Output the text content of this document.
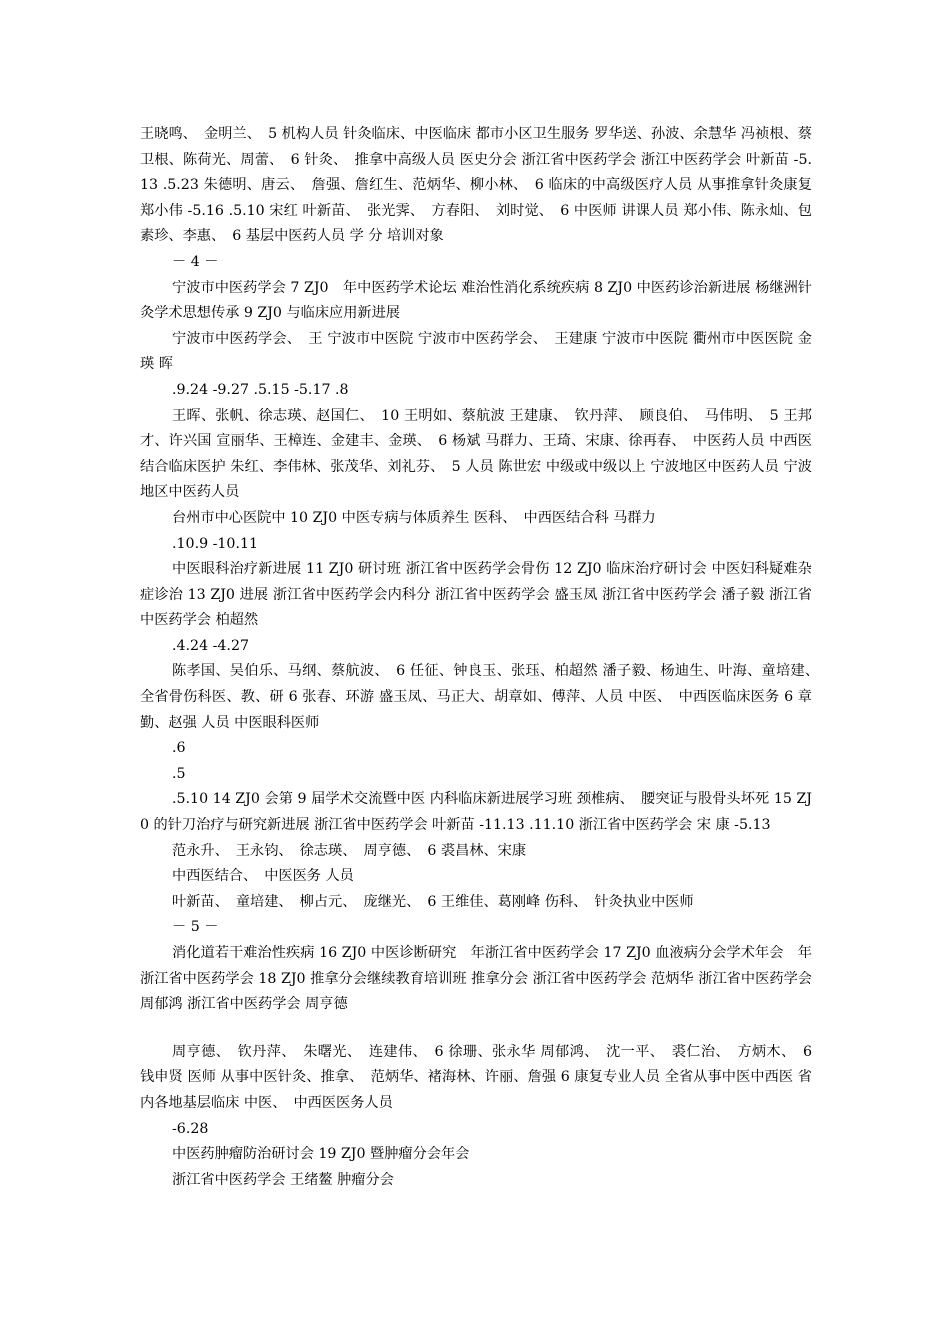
王晓鸣、　金明兰、　5 机构人员 针灸临床、中医临床 都市小区卫生服务 罗华送、孙波、余慧华 冯祯根、蔡卫根、陈荷光、周蕾、　6 针灸、　推拿中高级人员 医史分会 浙江省中医药学会 浙江中医药学会 叶新苗 -5.13 .5.23 朱德明、唐云、　詹强、詹红生、范炳华、柳小林、　6 临床的中高级医疗人员 从事推拿针灸康复 郑小伟 -5.16 .5.10 宋红 叶新苗、　张光霁、　方春阳、　刘时觉、　6 中医师 讲课人员 郑小伟、陈永灿、包素珍、李惠、　6 基层中医药人员 学 分 培训对象

－ 4 －

宁波市中医药学会 7 ZJ0　年中医药学术论坛 难治性消化系统疾病 8 ZJ0 中医药诊治新进展 杨继洲针灸学术思想传承 9 ZJ0 与临床应用新进展

宁波市中医药学会、　王 宁波市中医院 宁波市中医药学会、　王建康 宁波市中医院 衢州市中医医院 金 瑛 晖

.9.24 -9.27 .5.15 -5.17 .8

王晖、张帆、徐志瑛、赵国仁、　10 王明如、蔡航波 王建康、　钦丹萍、　顾良伯、　马伟明、　5 王邦才、许兴国 宣丽华、王樟连、金建丰、金瑛、　6 杨斌 马群力、王琦、宋康、徐再春、　中医药人员 中西医结合临床医护 朱红、李伟林、张茂华、刘礼芬、　5 人员 陈世宏 中级或中级以上 宁波地区中医药人员 宁波地区中医药人员

台州市中心医院中 10 ZJ0 中医专病与体质养生 医科、　中西医结合科 马群力

.10.9 -10.11

中医眼科治疗新进展 11 ZJ0 研讨班 浙江省中医药学会骨伤 12 ZJ0 临床治疗研讨会 中医妇科疑难杂症诊治 13 ZJ0 进展 浙江省中医药学会内科分 浙江省中医药学会 盛玉凤 浙江省中医药学会 潘子毅 浙江省中医药学会 柏超然

.4.24 -4.27

陈孝国、吴伯乐、马纲、蔡航波、　6 任征、钟良玉、张珏、柏超然 潘子毅、杨迪生、叶海、童培建、　全省骨伤科医、教、研 6 张春、环游 盛玉凤、马正大、胡章如、傅萍、人员 中医、　中西医临床医务 6 章勤、赵强 人员 中医眼科医师

.6

.5

.5.10 14 ZJ0 会第 9 届学术交流暨中医 内科临床新进展学习班 颈椎病、　腰突证与股骨头坏死 15 ZJ0 的针刀治疗与研究新进展 浙江省中医药学会 叶新苗 -11.13 .11.10 浙江省中医药学会 宋 康 -5.13

范永升、　王永钧、　徐志瑛、　周亨德、　6 裘昌林、宋康

中西医结合、　中医医务 人员

叶新苗、　童培建、　柳占元、　庞继光、　6 王维佳、葛刚峰 伤科、　针灸执业中医师

－ 5 －

消化道若干难治性疾病 16 ZJ0 中医诊断研究　年浙江省中医药学会 17 ZJ0 血液病分会学术年会　年浙江省中医药学会 18 ZJ0 推拿分会继续教育培训班 推拿分会 浙江省中医药学会 范炳华 浙江省中医药学会 周郁鸿 浙江省中医药学会 周亨德

周亨德、　钦丹萍、　朱曙光、　连建伟、　6 徐珊、张永华 周郁鸿、　沈一平、　裘仁治、　方炳木、　6 钱申贤 医师 从事中医针灸、推拿、　范炳华、褚海林、许丽、詹强 6 康复专业人员 全省从事中医中西医 省内各地基层临床 中医、　中西医医务人员

-6.28

中医药肿瘤防治研讨会 19 ZJ0 暨肿瘤分会年会

浙江省中医药学会 王绪鳌 肿瘤分会
